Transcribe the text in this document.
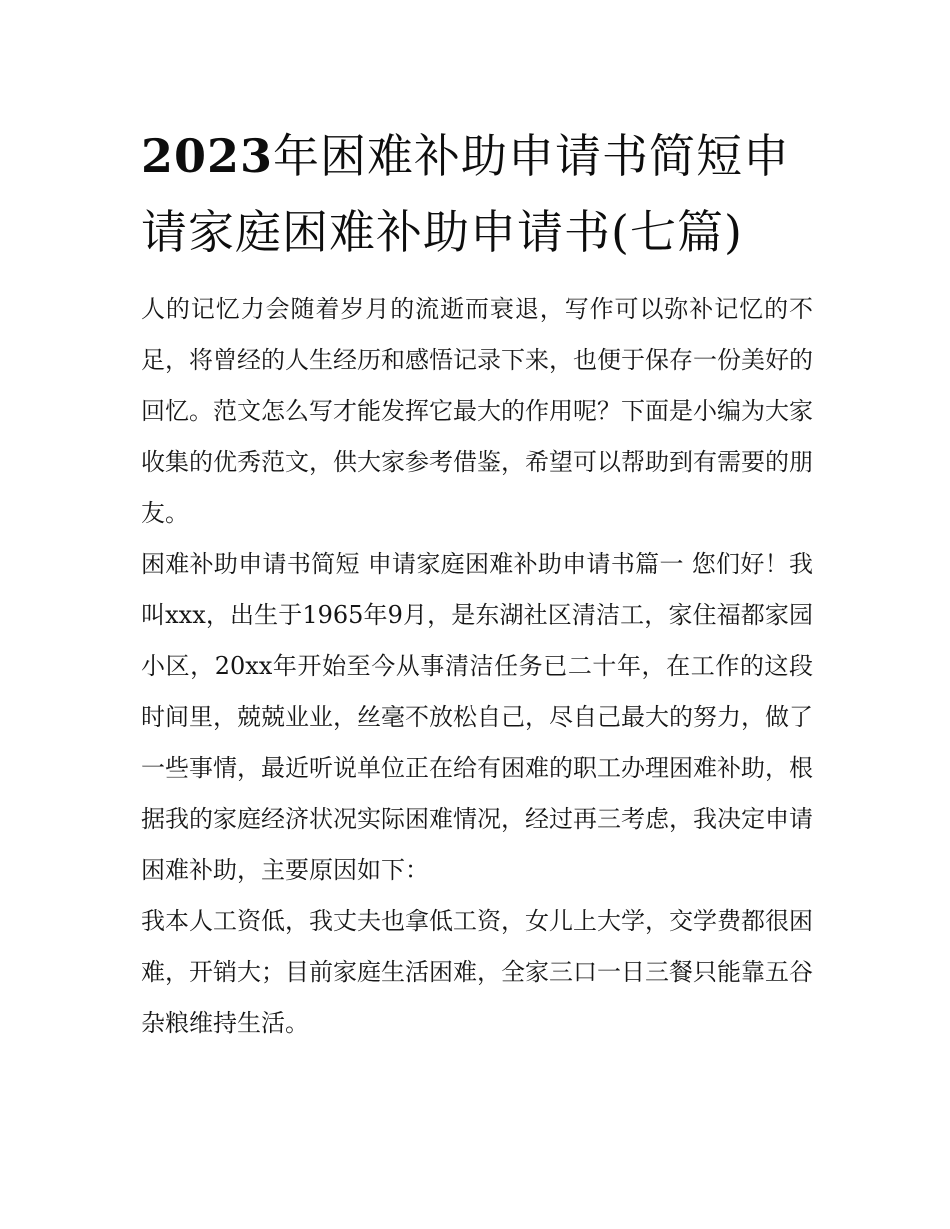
2023年困难补助申请书简短申请家庭困难补助申请书(七篇)

人的记忆力会随着岁月的流逝而衰退，写作可以弥补记忆的不足，将曾经的人生经历和感悟记录下来，也便于保存一份美好的回忆。范文怎么写才能发挥它最大的作用呢？下面是小编为大家收集的优秀范文，供大家参考借鉴，希望可以帮助到有需要的朋友。

困难补助申请书简短 申请家庭困难补助申请书篇一 您们好！我叫xxx，出生于1965年9月，是东湖社区清洁工，家住福都家园小区，20xx年开始至今从事清洁任务已二十年，在工作的这段时间里，兢兢业业，丝毫不放松自己，尽自己最大的努力，做了一些事情，最近听说单位正在给有困难的职工办理困难补助，根据我的家庭经济状况实际困难情况，经过再三考虑，我决定申请困难补助，主要原因如下：

我本人工资低，我丈夫也拿低工资，女儿上大学，交学费都很困难，开销大；目前家庭生活困难，全家三口一日三餐只能靠五谷杂粮维持生活。
